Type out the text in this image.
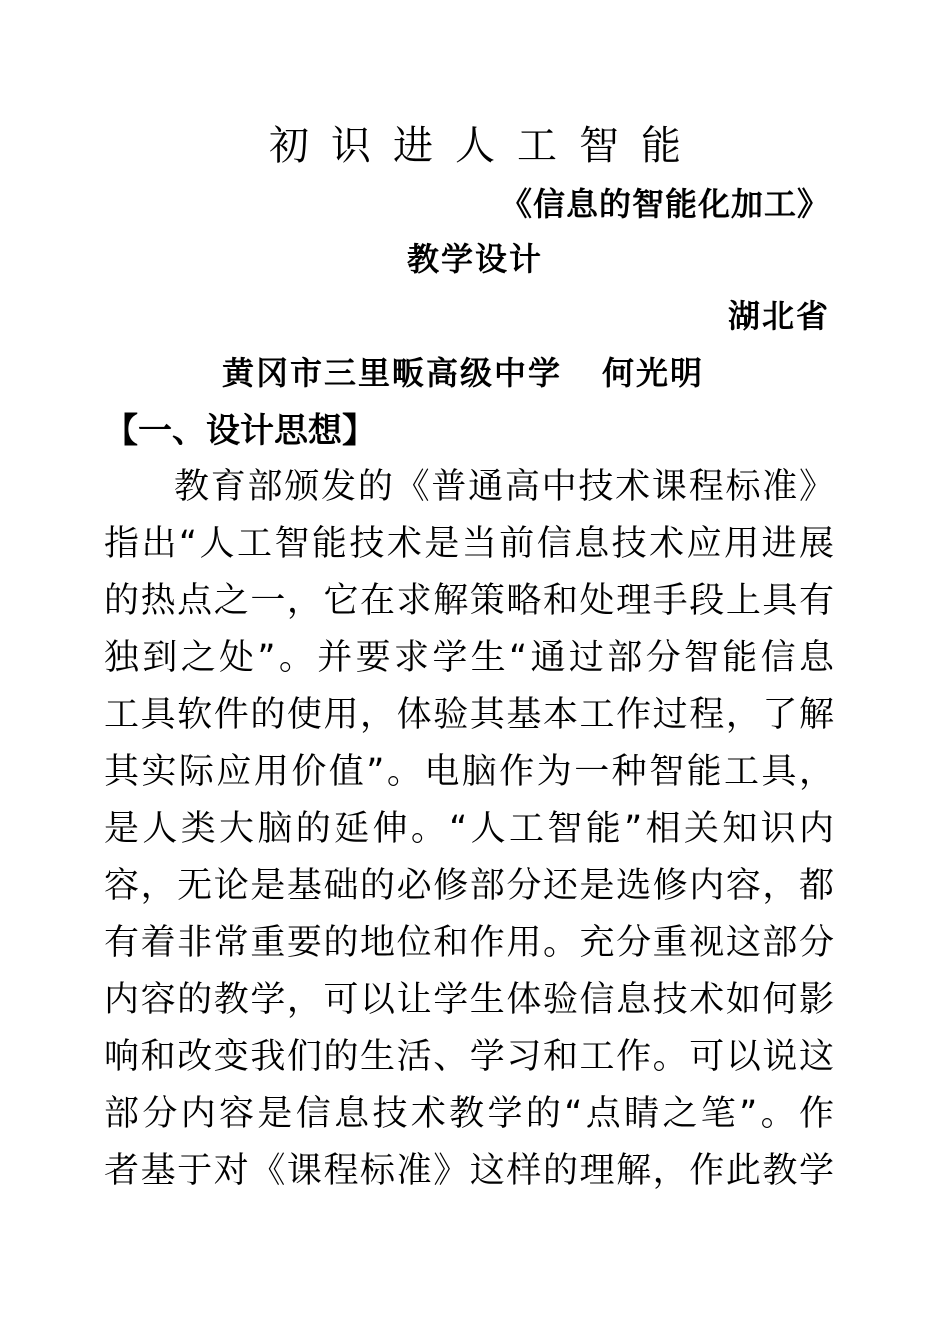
初识进人工智能
《信息的智能化加工》
教学设计
湖北省
黄冈市三里畈高级中学 何光明
【一、设计思想】
教育部颁发的《普通高中技术课程标准》
指出“人工智能技术是当前信息技术应用进展
的热点之一，它在求解策略和处理手段上具有
独到之处”。并要求学生“通过部分智能信息
工具软件的使用，体验其基本工作过程，了解
其实际应用价值”。电脑作为一种智能工具，
是人类大脑的延伸。“人工智能”相关知识内
容，无论是基础的必修部分还是选修内容，都
有着非常重要的地位和作用。充分重视这部分
内容的教学，可以让学生体验信息技术如何影
响和改变我们的生活、学习和工作。可以说这
部分内容是信息技术教学的“点睛之笔”。作
者基于对《课程标准》这样的理解，作此教学
